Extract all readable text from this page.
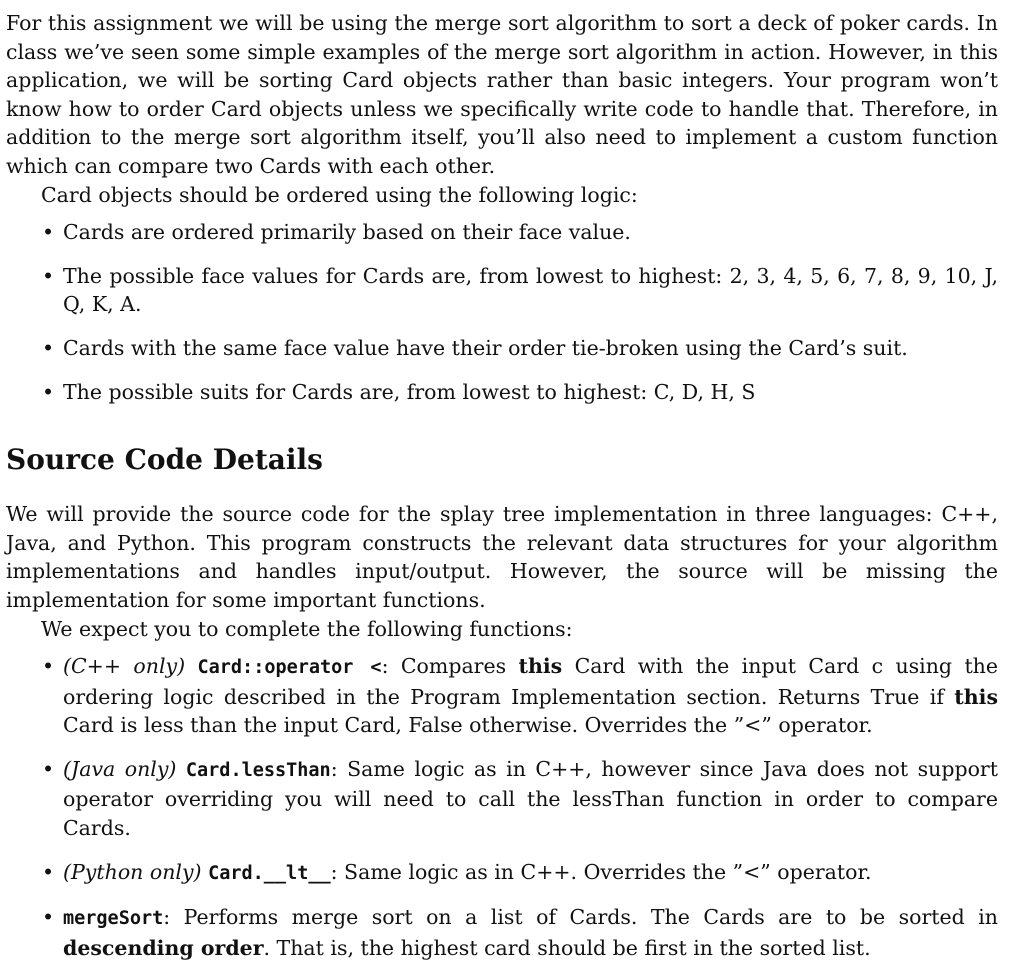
For this assignment we will be using the merge sort algorithm to sort a deck of poker cards. In class we’ve seen some simple examples of the merge sort algorithm in action. However, in this application, we will be sorting Card objects rather than basic integers. Your program won’t know how to order Card objects unless we specifically write code to handle that. Therefore, in addition to the merge sort algorithm itself, you’ll also need to implement a custom function which can compare two Cards with each other.

Card objects should be ordered using the following logic:

• Cards are ordered primarily based on their face value.
• The possible face values for Cards are, from lowest to highest: 2, 3, 4, 5, 6, 7, 8, 9, 10, J, Q, K, A.
• Cards with the same face value have their order tie-broken using the Card’s suit.
• The possible suits for Cards are, from lowest to highest: C, D, H, S
Source Code Details

We will provide the source code for the splay tree implementation in three languages: C++, Java, and Python. This program constructs the relevant data structures for your algorithm implementations and handles input/output. However, the source will be missing the implementation for some important functions.

We expect you to complete the following functions:

• (C++ only) Card::operator <: Compares this Card with the input Card c using the ordering logic described in the Program Implementation section. Returns True if this Card is less than the input Card, False otherwise. Overrides the ”<” operator.
• (Java only) Card.lessThan: Same logic as in C++, however since Java does not support operator overriding you will need to call the lessThan function in order to compare Cards.
• (Python only) Card.__lt__: Same logic as in C++. Overrides the ”<” operator.
• mergeSort: Performs merge sort on a list of Cards. The Cards are to be sorted in descending order. That is, the highest card should be first in the sorted list.
